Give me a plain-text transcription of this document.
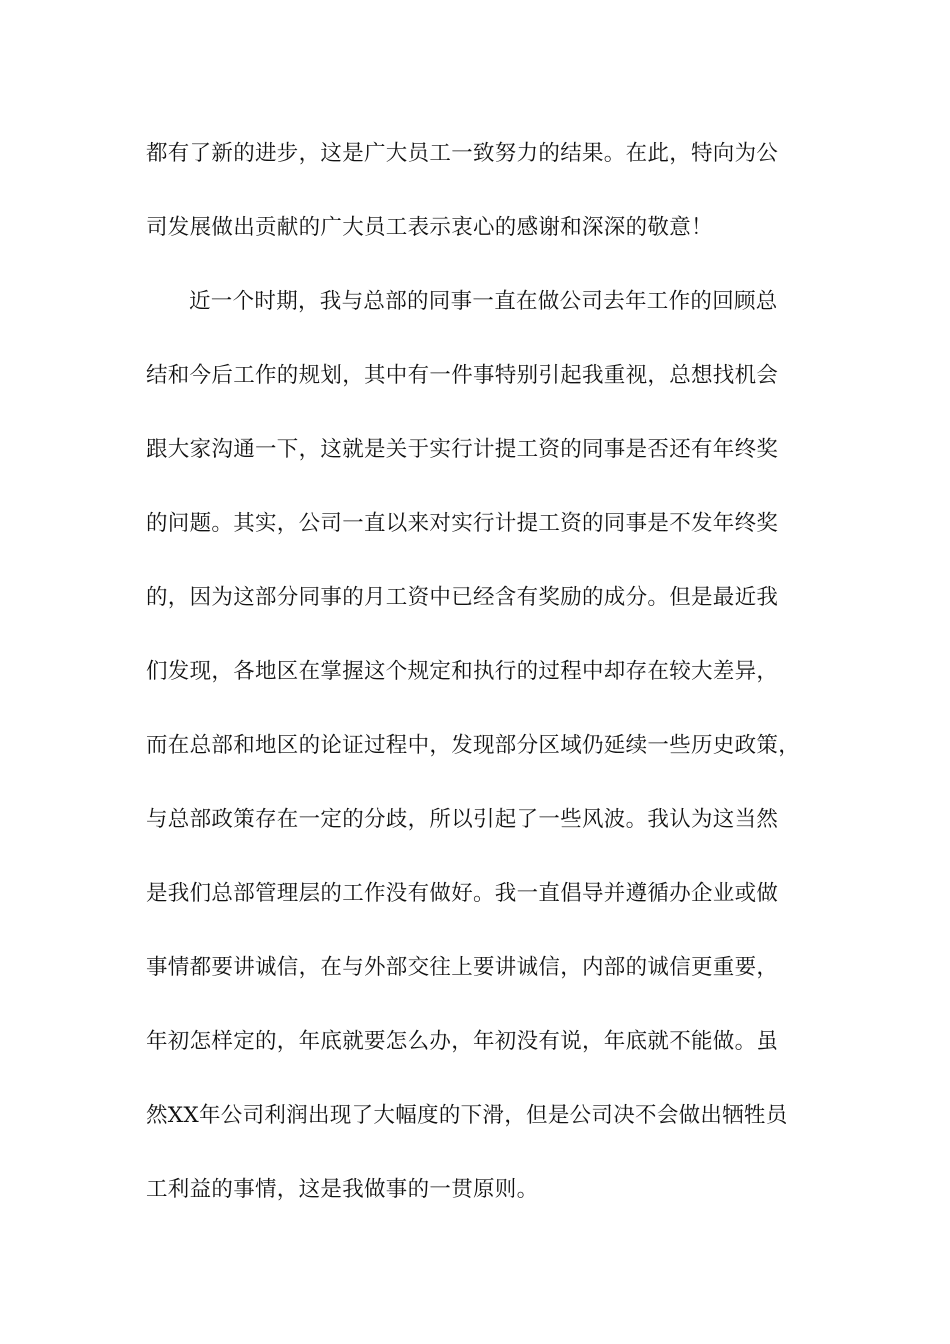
都有了新的进步，这是广大员工一致努力的结果。在此，特向为公
司发展做出贡献的广大员工表示衷心的感谢和深深的敬意！
近一个时期，我与总部的同事一直在做公司去年工作的回顾总
结和今后工作的规划，其中有一件事特别引起我重视，总想找机会
跟大家沟通一下，这就是关于实行计提工资的同事是否还有年终奖
的问题。其实，公司一直以来对实行计提工资的同事是不发年终奖
的，因为这部分同事的月工资中已经含有奖励的成分。但是最近我
们发现，各地区在掌握这个规定和执行的过程中却存在较大差异，
而在总部和地区的论证过程中，发现部分区域仍延续一些历史政策，
与总部政策存在一定的分歧，所以引起了一些风波。我认为这当然
是我们总部管理层的工作没有做好。我一直倡导并遵循办企业或做
事情都要讲诚信，在与外部交往上要讲诚信，内部的诚信更重要，
年初怎样定的，年底就要怎么办，年初没有说，年底就不能做。虽
然XX年公司利润出现了大幅度的下滑，但是公司决不会做出牺牲员
工利益的事情，这是我做事的一贯原则。
